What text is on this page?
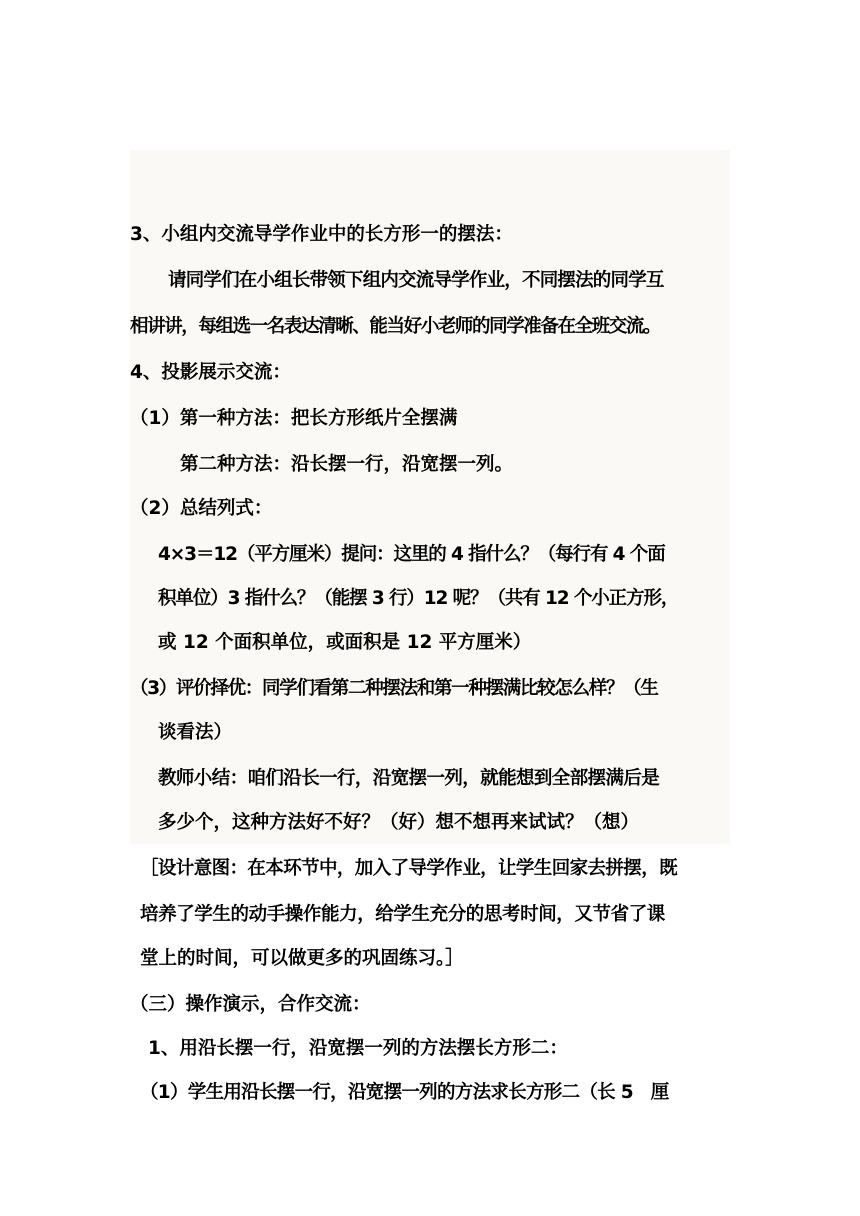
3、小组内交流导学作业中的长方形一的摆法：
请同学们在小组长带领下组内交流导学作业，不同摆法的同学互
相讲讲，每组选一名表达清晰、能当好小老师的同学准备在全班交流。
4、投影展示交流：
（1）第一种方法：把长方形纸片全摆满
第二种方法：沿长摆一行，沿宽摆一列。
（2）总结列式：
4×3＝12（平方厘米）提问：这里的 4 指什么？（每行有 4 个面
积单位）3 指什么？（能摆 3 行）12 呢？（共有 12 个小正方形，
或 12 个面积单位，或面积是 12 平方厘米）
（3）评价择优：同学们看第二种摆法和第一种摆满比较怎么样？（生
谈看法）
教师小结：咱们沿长一行，沿宽摆一列，就能想到全部摆满后是
多少个，这种方法好不好？（好）想不想再来试试？（想）
［设计意图：在本环节中，加入了导学作业，让学生回家去拼摆，既
培养了学生的动手操作能力，给学生充分的思考时间，又节省了课
堂上的时间，可以做更多的巩固练习。］
（三）操作演示，合作交流：
1、用沿长摆一行，沿宽摆一列的方法摆长方形二：
（1）学生用沿长摆一行，沿宽摆一列的方法求长方形二（长 5　厘
